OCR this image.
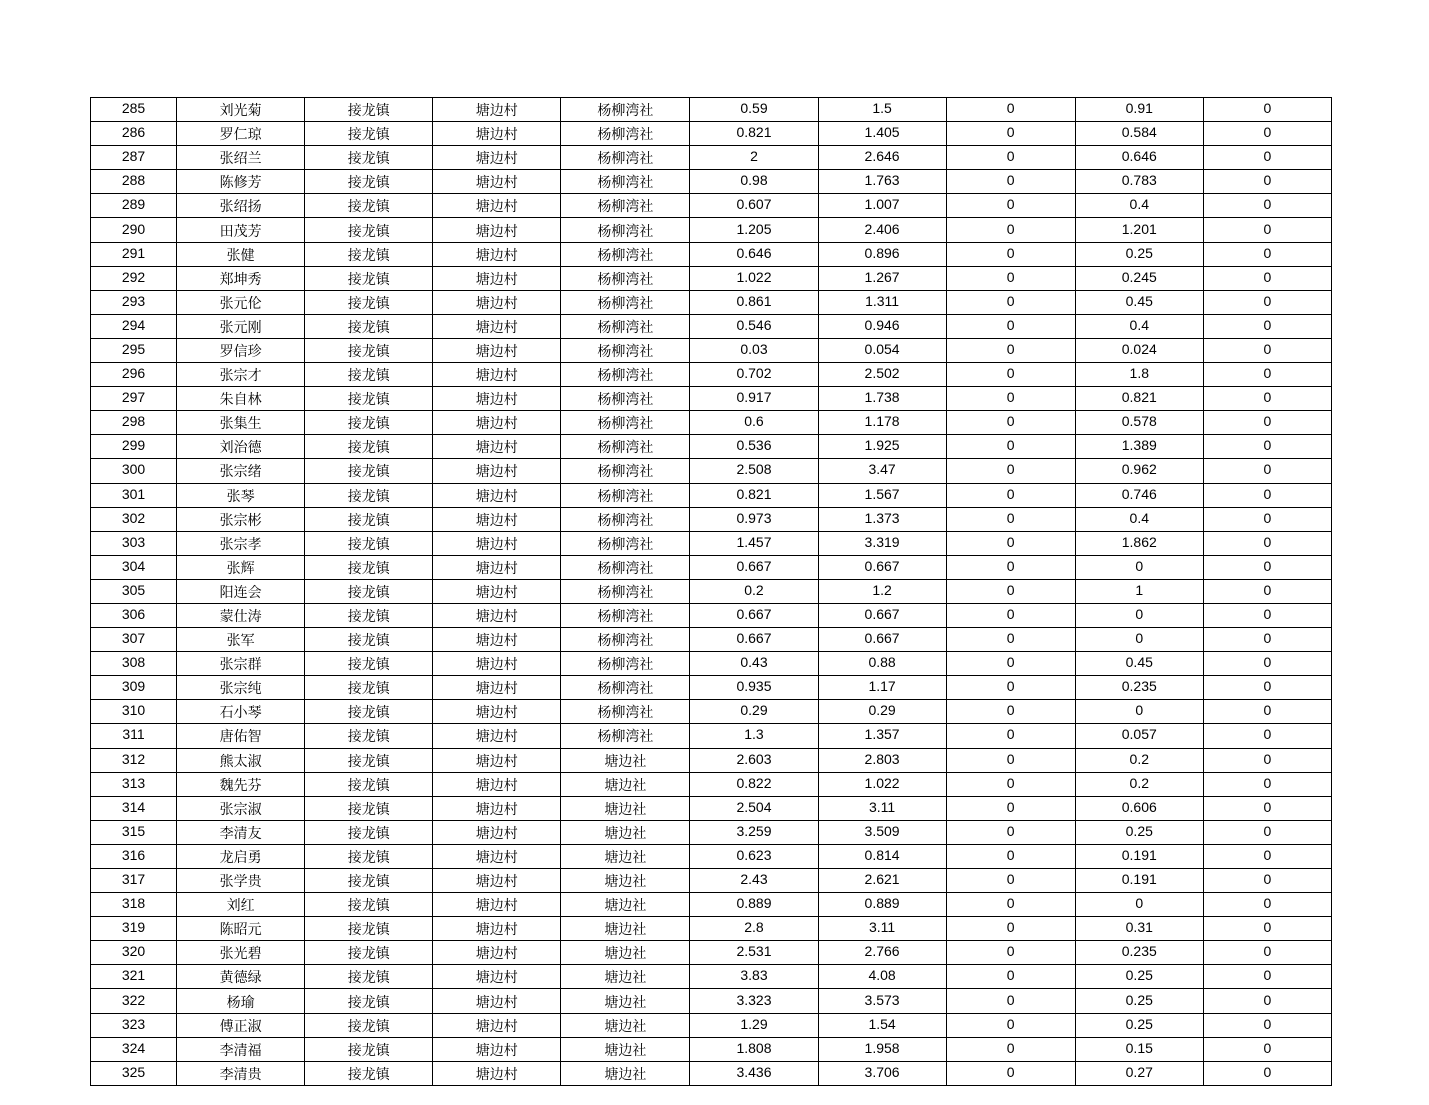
285	刘光菊	接龙镇	塘边村	杨柳湾社	0.59	1.5	0	0.91	0
286	罗仁琼	接龙镇	塘边村	杨柳湾社	0.821	1.405	0	0.584	0
287	张绍兰	接龙镇	塘边村	杨柳湾社	2	2.646	0	0.646	0
288	陈修芳	接龙镇	塘边村	杨柳湾社	0.98	1.763	0	0.783	0
289	张绍扬	接龙镇	塘边村	杨柳湾社	0.607	1.007	0	0.4	0
290	田茂芳	接龙镇	塘边村	杨柳湾社	1.205	2.406	0	1.201	0
291	张健	接龙镇	塘边村	杨柳湾社	0.646	0.896	0	0.25	0
292	郑坤秀	接龙镇	塘边村	杨柳湾社	1.022	1.267	0	0.245	0
293	张元伦	接龙镇	塘边村	杨柳湾社	0.861	1.311	0	0.45	0
294	张元刚	接龙镇	塘边村	杨柳湾社	0.546	0.946	0	0.4	0
295	罗信珍	接龙镇	塘边村	杨柳湾社	0.03	0.054	0	0.024	0
296	张宗才	接龙镇	塘边村	杨柳湾社	0.702	2.502	0	1.8	0
297	朱自林	接龙镇	塘边村	杨柳湾社	0.917	1.738	0	0.821	0
298	张集生	接龙镇	塘边村	杨柳湾社	0.6	1.178	0	0.578	0
299	刘治德	接龙镇	塘边村	杨柳湾社	0.536	1.925	0	1.389	0
300	张宗绪	接龙镇	塘边村	杨柳湾社	2.508	3.47	0	0.962	0
301	张琴	接龙镇	塘边村	杨柳湾社	0.821	1.567	0	0.746	0
302	张宗彬	接龙镇	塘边村	杨柳湾社	0.973	1.373	0	0.4	0
303	张宗孝	接龙镇	塘边村	杨柳湾社	1.457	3.319	0	1.862	0
304	张辉	接龙镇	塘边村	杨柳湾社	0.667	0.667	0	0	0
305	阳连会	接龙镇	塘边村	杨柳湾社	0.2	1.2	0	1	0
306	蒙仕涛	接龙镇	塘边村	杨柳湾社	0.667	0.667	0	0	0
307	张军	接龙镇	塘边村	杨柳湾社	0.667	0.667	0	0	0
308	张宗群	接龙镇	塘边村	杨柳湾社	0.43	0.88	0	0.45	0
309	张宗纯	接龙镇	塘边村	杨柳湾社	0.935	1.17	0	0.235	0
310	石小琴	接龙镇	塘边村	杨柳湾社	0.29	0.29	0	0	0
311	唐佑智	接龙镇	塘边村	杨柳湾社	1.3	1.357	0	0.057	0
312	熊太淑	接龙镇	塘边村	塘边社	2.603	2.803	0	0.2	0
313	魏先芬	接龙镇	塘边村	塘边社	0.822	1.022	0	0.2	0
314	张宗淑	接龙镇	塘边村	塘边社	2.504	3.11	0	0.606	0
315	李清友	接龙镇	塘边村	塘边社	3.259	3.509	0	0.25	0
316	龙启勇	接龙镇	塘边村	塘边社	0.623	0.814	0	0.191	0
317	张学贵	接龙镇	塘边村	塘边社	2.43	2.621	0	0.191	0
318	刘红	接龙镇	塘边村	塘边社	0.889	0.889	0	0	0
319	陈昭元	接龙镇	塘边村	塘边社	2.8	3.11	0	0.31	0
320	张光碧	接龙镇	塘边村	塘边社	2.531	2.766	0	0.235	0
321	黄德绿	接龙镇	塘边村	塘边社	3.83	4.08	0	0.25	0
322	杨瑜	接龙镇	塘边村	塘边社	3.323	3.573	0	0.25	0
323	傅正淑	接龙镇	塘边村	塘边社	1.29	1.54	0	0.25	0
324	李清福	接龙镇	塘边村	塘边社	1.808	1.958	0	0.15	0
325	李清贵	接龙镇	塘边村	塘边社	3.436	3.706	0	0.27	0
